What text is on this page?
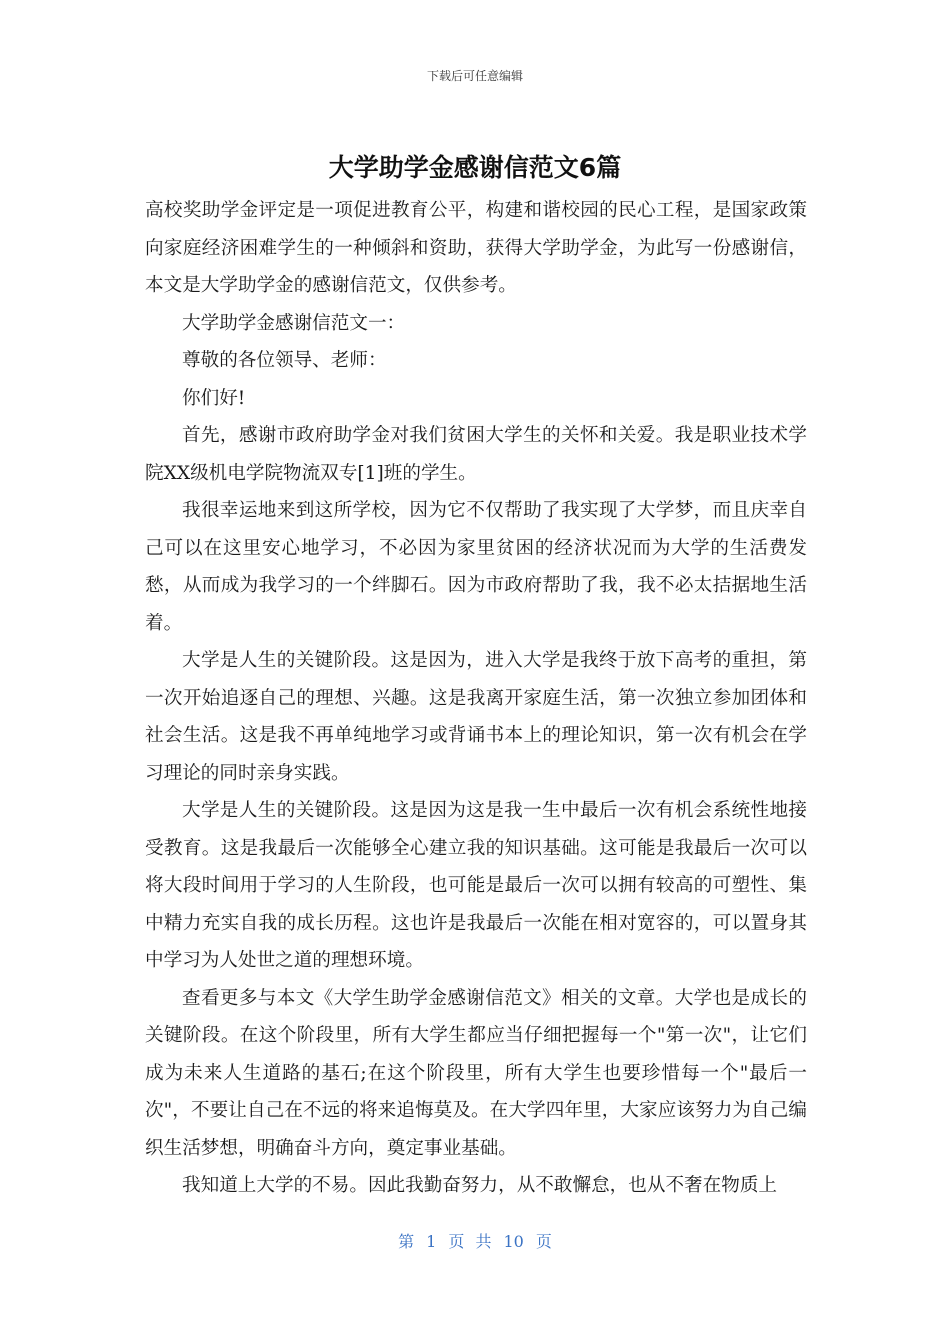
下载后可任意编辑
大学助学金感谢信范文6篇

高校奖助学金评定是一项促进教育公平，构建和谐校园的民心工程，是国家政策向家庭经济困难学生的一种倾斜和资助，获得大学助学金，为此写一份感谢信，本文是大学助学金的感谢信范文，仅供参考。

大学助学金感谢信范文一：

尊敬的各位领导、老师：

你们好!

首先，感谢市政府助学金对我们贫困大学生的关怀和关爱。我是职业技术学院XX级机电学院物流双专[1]班的学生。

我很幸运地来到这所学校，因为它不仅帮助了我实现了大学梦，而且庆幸自己可以在这里安心地学习，不必因为家里贫困的经济状况而为大学的生活费发愁，从而成为我学习的一个绊脚石。因为市政府帮助了我，我不必太拮据地生活着。

大学是人生的关键阶段。这是因为，进入大学是我终于放下高考的重担，第一次开始追逐自己的理想、兴趣。这是我离开家庭生活，第一次独立参加团体和社会生活。这是我不再单纯地学习或背诵书本上的理论知识，第一次有机会在学习理论的同时亲身实践。

大学是人生的关键阶段。这是因为这是我一生中最后一次有机会系统性地接受教育。这是我最后一次能够全心建立我的知识基础。这可能是我最后一次可以将大段时间用于学习的人生阶段，也可能是最后一次可以拥有较高的可塑性、集中精力充实自我的成长历程。这也许是我最后一次能在相对宽容的，可以置身其中学习为人处世之道的理想环境。

查看更多与本文《大学生助学金感谢信范文》相关的文章。大学也是成长的关键阶段。在这个阶段里，所有大学生都应当仔细把握每一个"第一次"，让它们成为未来人生道路的基石;在这个阶段里，所有大学生也要珍惜每一个"最后一次"，不要让自己在不远的将来追悔莫及。在大学四年里，大家应该努力为自己编织生活梦想，明确奋斗方向，奠定事业基础。

我知道上大学的不易。因此我勤奋努力，从不敢懈怠，也从不奢在物质上

第 1 页 共 10 页
